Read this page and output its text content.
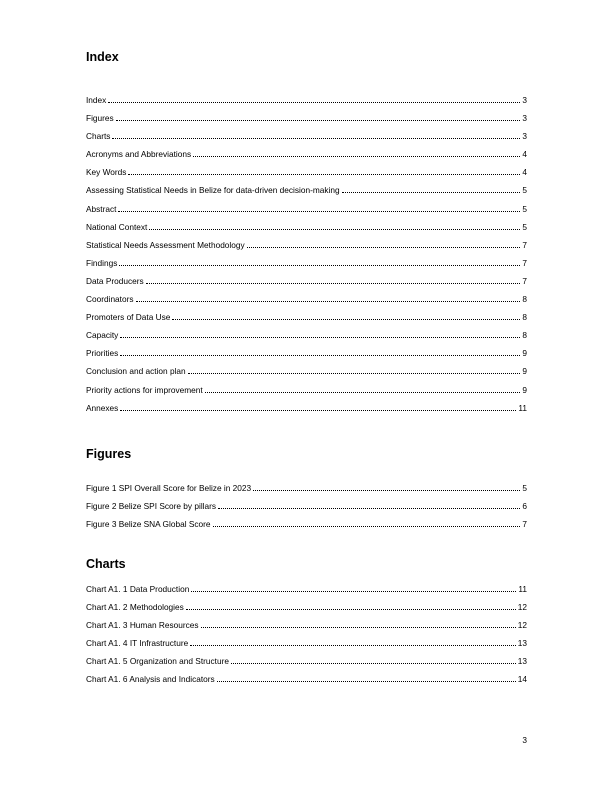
Index
Index	3
Figures	3
Charts	3
Acronyms and Abbreviations	4
Key Words	4
Assessing Statistical Needs in Belize for data-driven decision-making	5
Abstract	5
National Context	5
Statistical Needs Assessment Methodology	7
Findings	7
Data Producers	7
Coordinators	8
Promoters of Data Use	8
Capacity	8
Priorities	9
Conclusion and action plan	9
Priority actions for improvement	9
Annexes	11
Figures
Figure 1 SPI Overall Score for Belize in 2023	5
Figure 2 Belize SPI Score by pillars	6
Figure 3 Belize SNA Global Score	7
Charts
Chart A1. 1 Data Production	11
Chart A1. 2 Methodologies	12
Chart A1. 3 Human Resources	12
Chart A1. 4 IT Infrastructure	13
Chart A1. 5 Organization and Structure	13
Chart A1. 6 Analysis and Indicators	14
3
